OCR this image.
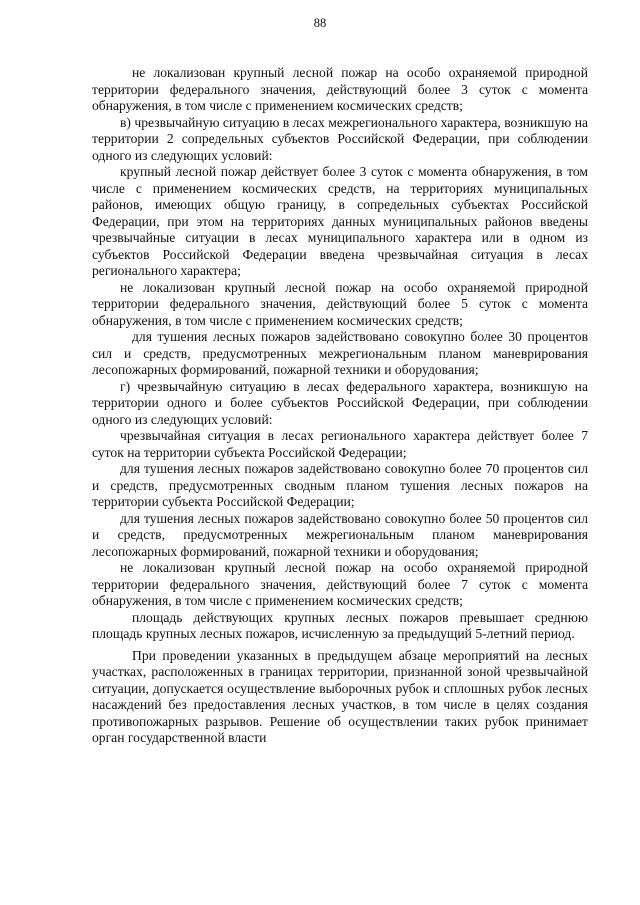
88

не локализован крупный лесной пожар на особо охраняемой природной территории федерального значения, действующий более 3 суток с момента обнаружения, в том числе с применением космических средств;

в) чрезвычайную ситуацию в лесах межрегионального характера, возникшую на территории 2 сопредельных субъектов Российской Федерации, при соблюдении одного из следующих условий:

крупный лесной пожар действует более 3 суток с момента обнаружения, в том числе с применением космических средств, на территориях муниципальных районов, имеющих общую границу, в сопредельных субъектах Российской Федерации, при этом на территориях данных муниципальных районов введены чрезвычайные ситуации в лесах муниципального характера или в одном из субъектов Российской Федерации введена чрезвычайная ситуация в лесах регионального характера;

не локализован крупный лесной пожар на особо охраняемой природной территории федерального значения, действующий более 5 суток с момента обнаружения, в том числе с применением космических средств;

для тушения лесных пожаров задействовано совокупно более 30 процентов сил и средств, предусмотренных межрегиональным планом маневрирования лесопожарных формирований, пожарной техники и оборудования;

г) чрезвычайную ситуацию в лесах федерального характера, возникшую на территории одного и более субъектов Российской Федерации, при соблюдении одного из следующих условий:

чрезвычайная ситуация в лесах регионального характера действует более 7 суток на территории субъекта Российской Федерации;

для тушения лесных пожаров задействовано совокупно более 70 процентов сил и средств, предусмотренных сводным планом тушения лесных пожаров на территории субъекта Российской Федерации;

для тушения лесных пожаров задействовано совокупно более 50 процентов сил и средств, предусмотренных межрегиональным планом маневрирования лесопожарных формирований, пожарной техники и оборудования;

не локализован крупный лесной пожар на особо охраняемой природной территории федерального значения, действующий более 7 суток с момента обнаружения, в том числе с применением космических средств;

площадь действующих крупных лесных пожаров превышает среднюю площадь крупных лесных пожаров, исчисленную за предыдущий 5-летний период.

При проведении указанных в предыдущем абзаце мероприятий на лесных участках, расположенных в границах территории, признанной зоной чрезвычайной ситуации, допускается осуществление выборочных рубок и сплошных рубок лесных насаждений без предоставления лесных участков, в том числе в целях создания противопожарных разрывов. Решение об осуществлении таких рубок принимает орган государственной власти
